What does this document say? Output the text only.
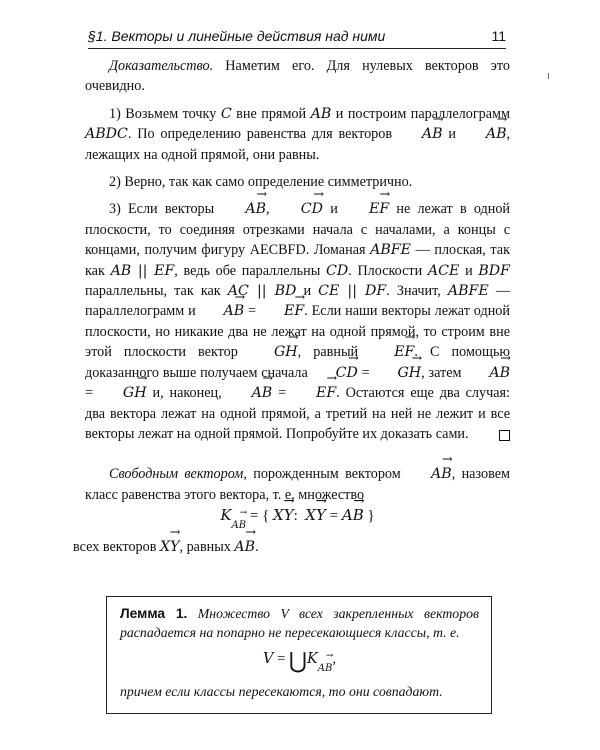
§1. Векторы и линейные действия над ними	11

Доказательство. Наметим его. Для нулевых векторов это очевидно.

1) Возьмем точку C вне прямой AB и построим параллелограмм ABDC. По определению равенства для векторов → AB и → AB, лежащих на одной прямой, они равны.

2) Верно, так как само определение симметрично.

3) Если векторы → AB, → CD и → EF не лежат в одной плоскости, то соединяя отрезками начала с началами, а концы с концами, получим фигуру AECBFD. Ломаная ABFE — плоская, так как AB || EF, ведь обе параллельны CD. Плоскости ACE и BDF параллельны, так как AC || BD и CE || DF. Значит, ABFE — параллелограмм и → AB = → EF. Если наши векторы лежат одной плоскости, но никакие два не лежат на одной прямой, то строим вне этой плоскости вектор	→ GH, равный	→ EF. С помощью доказанного выше получаем сначала → CD = → GH, затем → AB = → GH и, наконец, → AB = → EF. Остаются еще два случая: два вектора лежат на одной прямой, а третий на ней не лежит и все векторы лежат на одной прямой. Попробуйте их доказать сами.

Свободным вектором, порожденным вектором → AB, назовем класс равенства этого вектора, т. е. множество

K→ $_{AB}$ = { → XY:  → XY = → AB }

всех векторов → XY, равных → AB.

Лемма 1. Множество V всех закрепленных векторов распадается на попарно не пересекающиеся классы, т. е.

V = ⋃K→ $_{AB}$,

причем если классы пересекаются, то они совпадают.
